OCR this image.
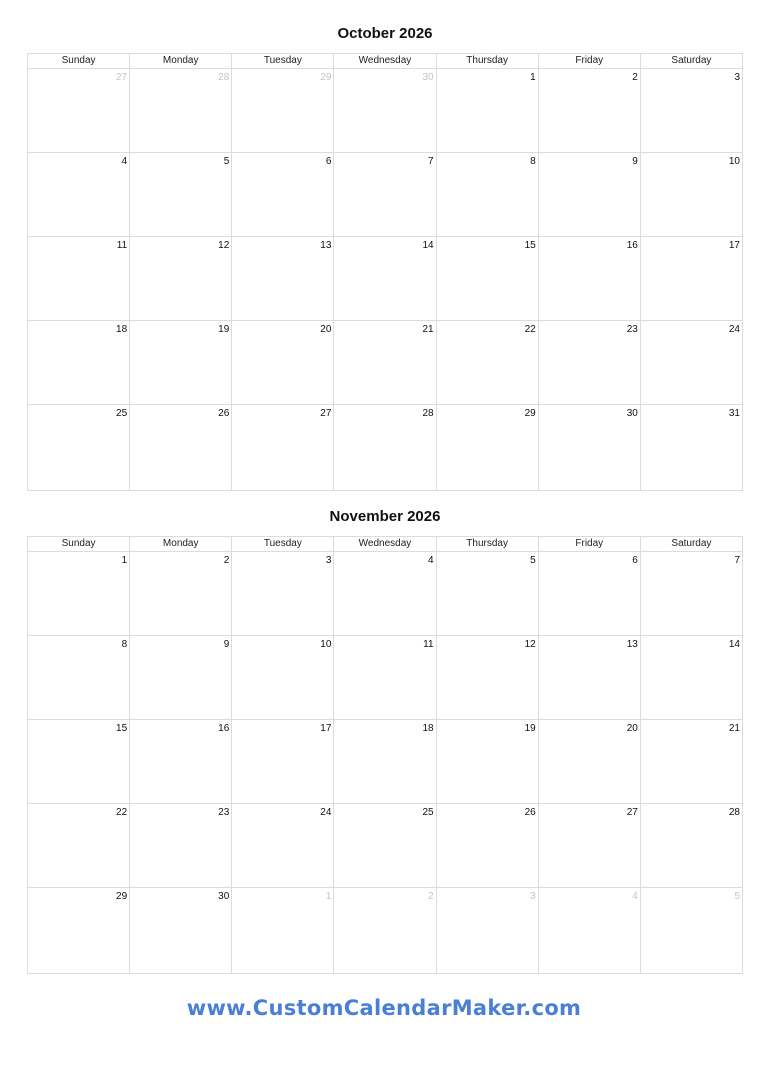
October 2026
Sunday	Monday	Tuesday	Wednesday	Thursday	Friday	Saturday

27	28	29	30	1	2	3

4	5	6	7	8	9	10

11	12	13	14	15	16	17

18	19	20	21	22	23	24

25	26	27	28	29	30	31
November 2026
Sunday	Monday	Tuesday	Wednesday	Thursday	Friday	Saturday

1	2	3	4	5	6	7

8	9	10	11	12	13	14

15	16	17	18	19	20	21

22	23	24	25	26	27	28

29	30	1	2	3	4	5
www.CustomCalendarMaker.com
